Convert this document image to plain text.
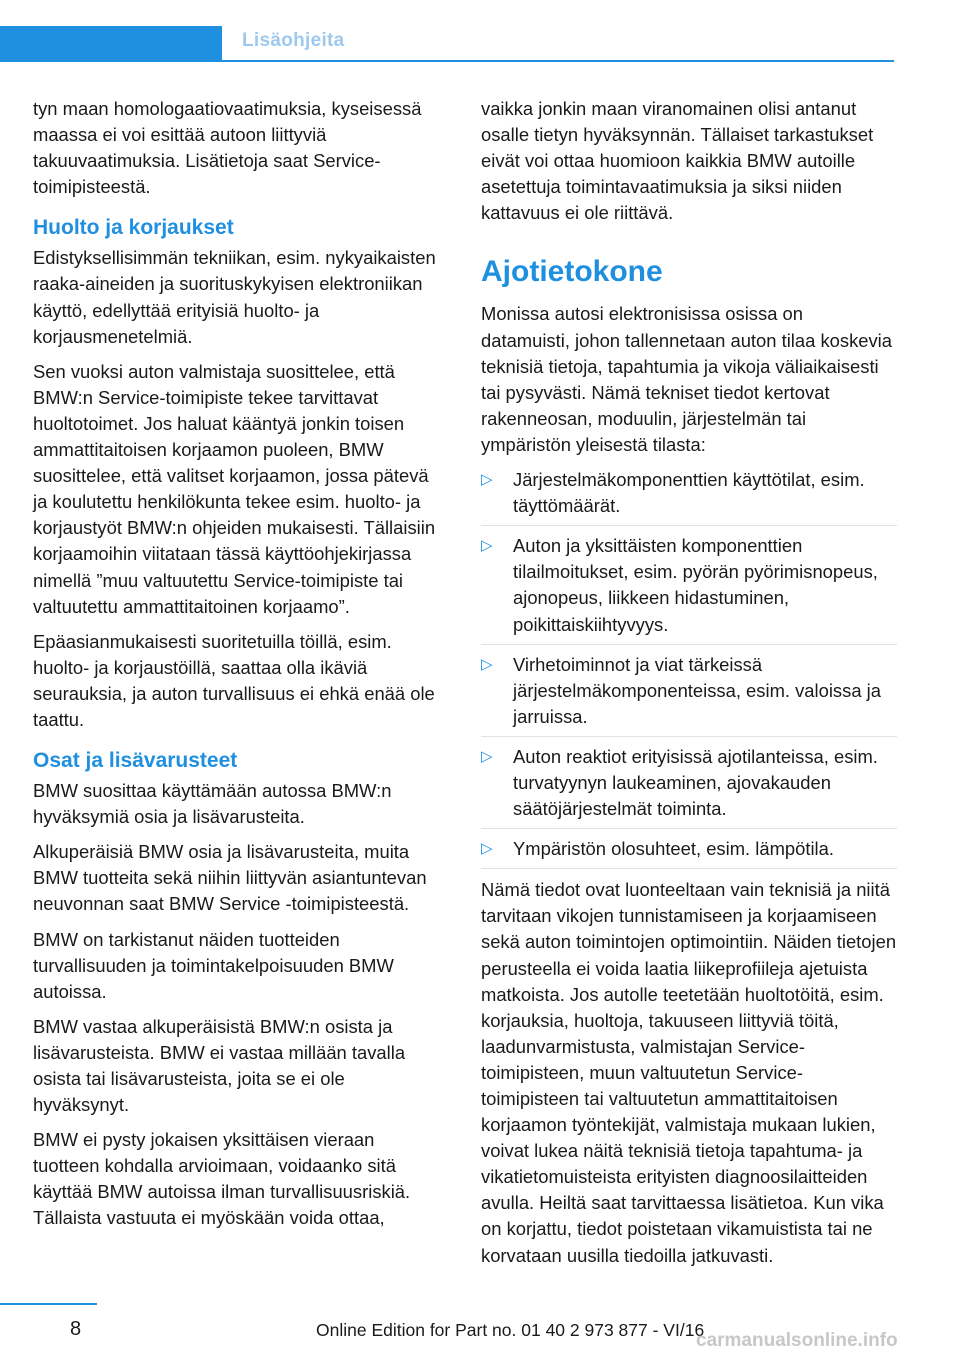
Lisäohjeita

tyn maan homologaatiovaatimuksia, kyseisessä maassa ei voi esittää autoon liittyviä takuuvaatimuksia. Lisätietoja saat Service-toimipisteestä.

Huolto ja korjaukset

Edistyksellisimmän tekniikan, esim. nykyaikaisten raaka-aineiden ja suorituskykyisen elektroniikan käyttö, edellyttää erityisiä huolto- ja korjausmenetelmiä.

Sen vuoksi auton valmistaja suosittelee, että BMW:n Service-toimipiste tekee tarvittavat huoltotoimet. Jos haluat kääntyä jonkin toisen ammattitaitoisen korjaamon puoleen, BMW suosittelee, että valitset korjaamon, jossa pätevä ja koulutettu henkilökunta tekee esim. huolto- ja korjaustyöt BMW:n ohjeiden mukaisesti. Tällaisiin korjaamoihin viitataan tässä käyttöohjekirjassa nimellä ”muu valtuutettu Service-toimipiste tai valtuutettu ammattitaitoinen korjaamo”.

Epäasianmukaisesti suoritetuilla töillä, esim. huolto- ja korjaustöillä, saattaa olla ikäviä seurauksia, ja auton turvallisuus ei ehkä enää ole taattu.

Osat ja lisävarusteet

BMW suosittaa käyttämään autossa BMW:n hyväksymiä osia ja lisävarusteita.

Alkuperäisiä BMW osia ja lisävarusteita, muita BMW tuotteita sekä niihin liittyvän asiantuntevan neuvonnan saat BMW Service -toimipisteestä.

BMW on tarkistanut näiden tuotteiden turvallisuuden ja toimintakelpoisuuden BMW autoissa.

BMW vastaa alkuperäisistä BMW:n osista ja lisävarusteista. BMW ei vastaa millään tavalla osista tai lisävarusteista, joita se ei ole hyväksynyt.

BMW ei pysty jokaisen yksittäisen vieraan tuotteen kohdalla arvioimaan, voidaanko sitä käyttää BMW autoissa ilman turvallisuusriskiä. Tällaista vastuuta ei myöskään voida ottaa,

vaikka jonkin maan viranomainen olisi antanut osalle tietyn hyväksynnän. Tällaiset tarkastukset eivät voi ottaa huomioon kaikkia BMW autoille asetettuja toimintavaatimuksia ja siksi niiden kattavuus ei ole riittävä.

Ajotietokone

Monissa autosi elektronisissa osissa on datamuisti, johon tallennetaan auton tilaa koskevia teknisiä tietoja, tapahtumia ja vikoja väliaikaisesti tai pysyvästi. Nämä tekniset tiedot kertovat rakenneosan, moduulin, järjestelmän tai ympäristön yleisestä tilasta:

▷ Järjestelmäkomponenttien käyttötilat, esim. täyttömäärät.
▷ Auton ja yksittäisten komponenttien tilailmoitukset, esim. pyörän pyörimisnopeus, ajonopeus, liikkeen hidastuminen, poikittaiskiihtyvyys.
▷ Virhetoiminnot ja viat tärkeissä järjestelmäkomponenteissa, esim. valoissa ja jarruissa.
▷ Auton reaktiot erityisissä ajotilanteissa, esim. turvatyynyn laukeaminen, ajovakauden säätöjärjestelmät toiminta.
▷ Ympäristön olosuhteet, esim. lämpötila.

Nämä tiedot ovat luonteeltaan vain teknisiä ja niitä tarvitaan vikojen tunnistamiseen ja korjaamiseen sekä auton toimintojen optimointiin. Näiden tietojen perusteella ei voida laatia liikeprofiileja ajetuista matkoista. Jos autolle teetetään huoltotöitä, esim. korjauksia, huoltoja, takuuseen liittyviä töitä, laadunvarmistusta, valmistajan Service-toimipisteen, muun valtuutetun Service-toimipisteen tai valtuutetun ammattitaitoisen korjaamon työntekijät, valmistaja mukaan lukien, voivat lukea näitä teknisiä tietoja tapahtuma- ja vikatietomuisteista erityisten diagnoosilaitteiden avulla. Heiltä saat tarvittaessa lisätietoa. Kun vika on korjattu, tiedot poistetaan vikamuistista tai ne korvataan uusilla tiedoilla jatkuvasti.

8	Online Edition for Part no. 01 40 2 973 877 - VI/16
carmanualsonline.info
